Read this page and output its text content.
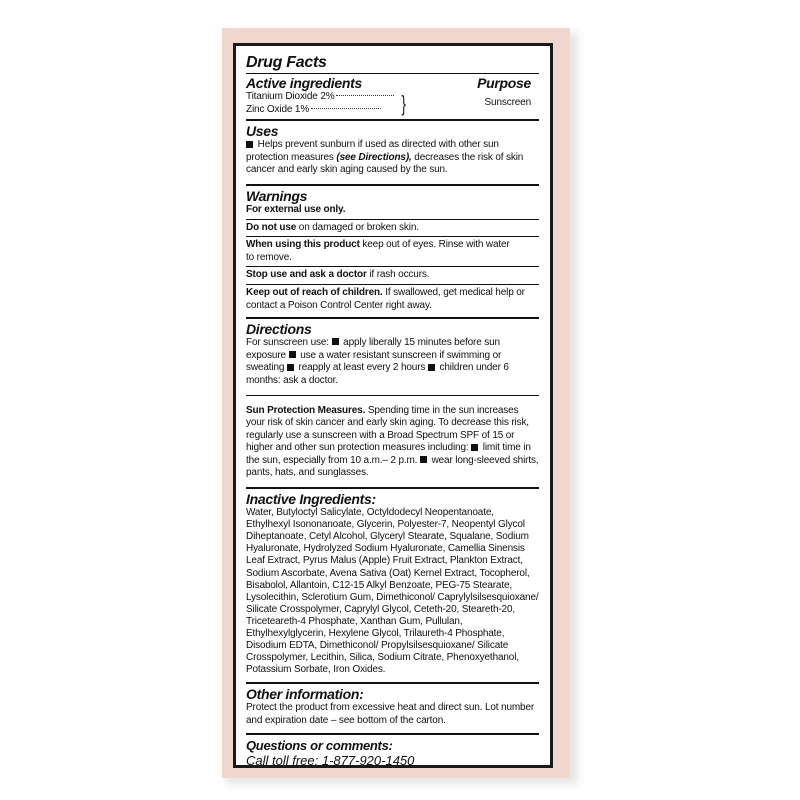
Drug Facts
Active ingredients
Titanium Dioxide 2%
Zinc Oxide 1%	}
Purpose
Sunscreen
Uses
Helps prevent sunburn if used as directed with other sun protection measures (see Directions), decreases the risk of skin cancer and early skin aging caused by the sun.
Warnings
For external use only.
Do not use on damaged or broken skin.
When using this product keep out of eyes. Rinse with water to remove.
Stop use and ask a doctor if rash occurs.
Keep out of reach of children. If swallowed, get medical help or contact a Poison Control Center right away.
Directions
For sunscreen use:  apply liberally 15 minutes before sun exposure  use a water resistant sunscreen if swimming or sweating  reapply at least every 2 hours  children under 6 months: ask a doctor.
Sun Protection Measures. Spending time in the sun increases your risk of skin cancer and early skin aging. To decrease this risk, regularly use a sunscreen with a Broad Spectrum SPF of 15 or higher and other sun protection measures including:  limit time in the sun, especially from 10 a.m.– 2 p.m.  wear long-sleeved shirts, pants, hats, and sunglasses.
Inactive Ingredients:
Water, Butyloctyl Salicylate, Octyldodecyl Neopentanoate, Ethylhexyl Isononanoate, Glycerin, Polyester-7, Neopentyl Glycol Diheptanoate, Cetyl Alcohol, Glyceryl Stearate, Squalane, Sodium Hyaluronate, Hydrolyzed Sodium Hyaluronate, Camellia Sinensis Leaf Extract, Pyrus Malus (Apple) Fruit Extract, Plankton Extract, Sodium Ascorbate, Avena Sativa (Oat) Kernel Extract, Tocopherol, Bisabolol, Allantoin, C12-15 Alkyl Benzoate, PEG-75 Stearate, Lysolecithin, Sclerotium Gum, Dimethiconol/ Caprylylsilsesquioxane/ Silicate Crosspolymer, Caprylyl Glycol, Ceteth-20, Steareth-20, Triceteareth-4 Phosphate, Xanthan Gum, Pullulan, Ethylhexylglycerin, Hexylene Glycol, Trilaureth-4 Phosphate, Disodium EDTA, Dimethiconol/ Propylsilsesquioxane/ Silicate Crosspolymer, Lecithin, Silica, Sodium Citrate, Phenoxyethanol, Potassium Sorbate, Iron Oxides.
Other information:
Protect the product from excessive heat and direct sun. Lot number and expiration date – see bottom of the carton.
Questions or comments:
Call toll free: 1-877-920-1450
